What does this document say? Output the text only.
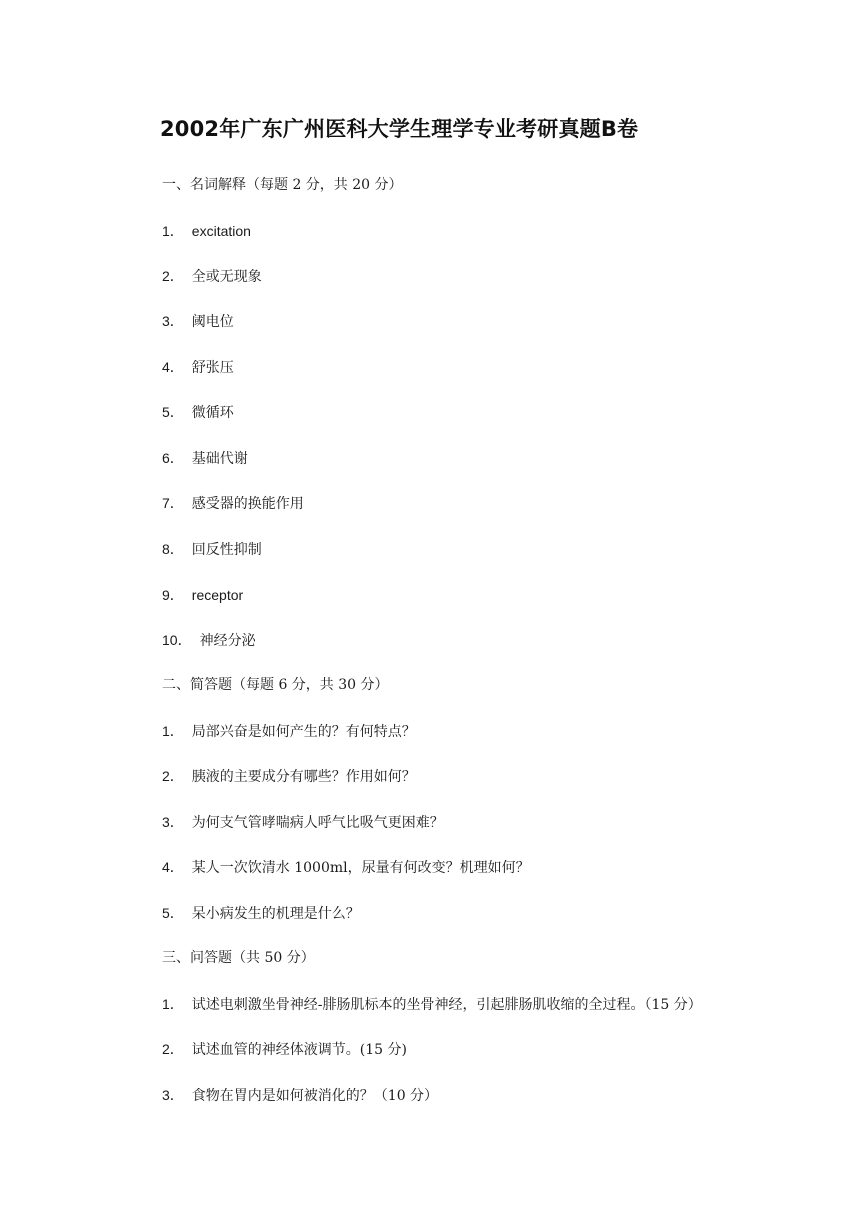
2002年广东广州医科大学生理学专业考研真题B卷
一、名词解释（每题 2 分，共 20 分）
1． excitation
2． 全或无现象
3． 阈电位
4． 舒张压
5． 微循环
6． 基础代谢
7． 感受器的换能作用
8． 回反性抑制
9． receptor
10． 神经分泌
二、简答题（每题 6 分，共 30 分）
1． 局部兴奋是如何产生的？有何特点？
2． 胰液的主要成分有哪些？作用如何？
3． 为何支气管哮喘病人呼气比吸气更困难？
4． 某人一次饮清水 1000ml，尿量有何改变？机理如何？
5． 呆小病发生的机理是什么？
三、问答题（共 50 分）
1． 试述电刺激坐骨神经-腓肠肌标本的坐骨神经，引起腓肠肌收缩的全过程。（15 分）
2． 试述血管的神经体液调节。(15 分)
3． 食物在胃内是如何被消化的？（10 分）
